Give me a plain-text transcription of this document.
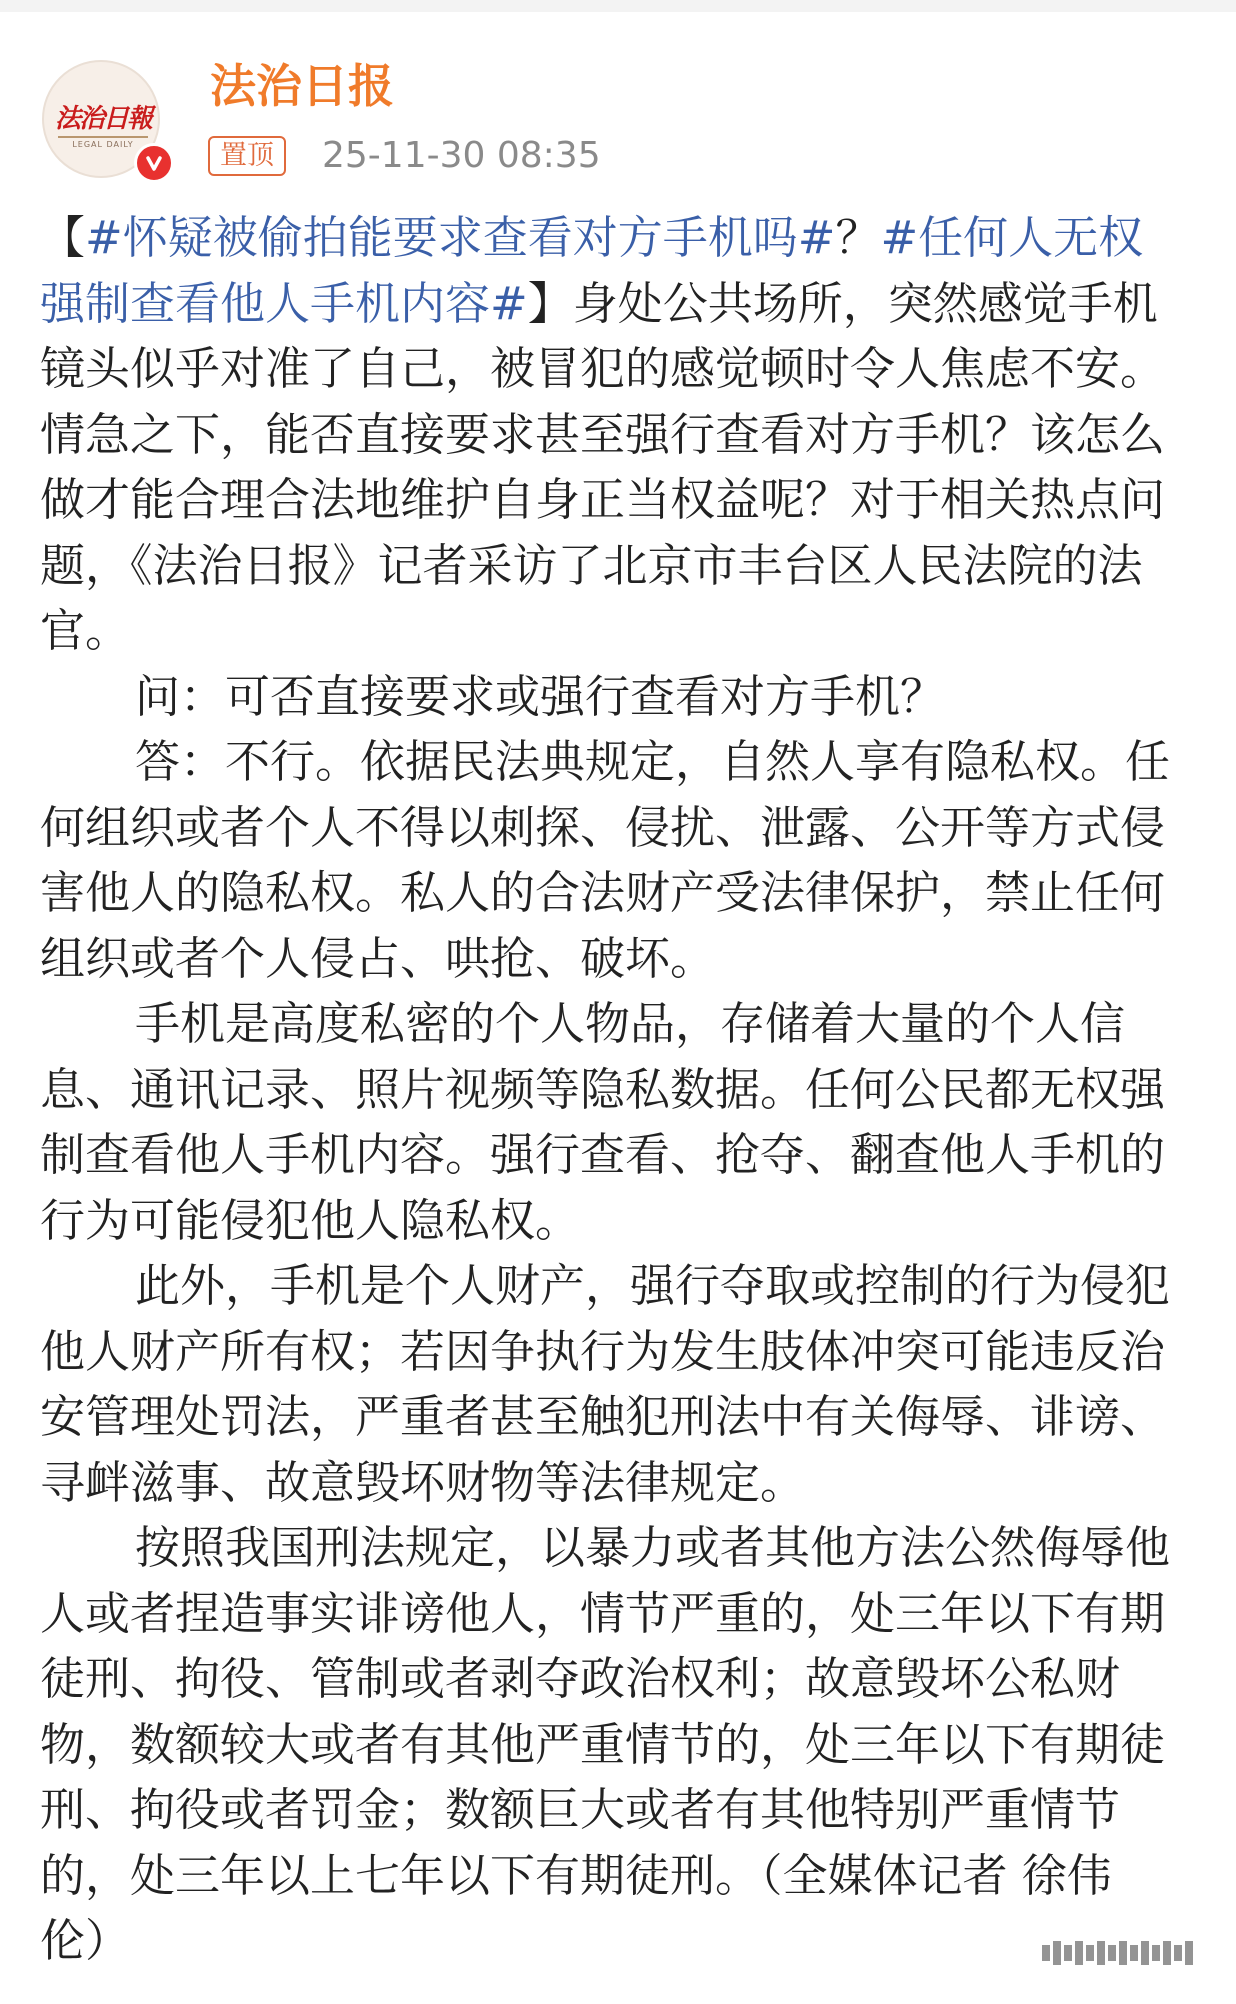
法治日報
LEGAL DAILY
法治日报
置顶	25-11-30 08:35

【#怀疑被偷拍能要求查看对方手机吗#？#任何人无权强制查看他人手机内容#】身处公共场所，突然感觉手机镜头似乎对准了自己，被冒犯的感觉顿时令人焦虑不安。情急之下，能否直接要求甚至强行查看对方手机？该怎么做才能合理合法地维护自身正当权益呢？对于相关热点问题，《法治日报》记者采访了北京市丰台区人民法院的法官。

问：可否直接要求或强行查看对方手机？

答：不行。依据民法典规定，自然人享有隐私权。任何组织或者个人不得以刺探、侵扰、泄露、公开等方式侵害他人的隐私权。私人的合法财产受法律保护，禁止任何组织或者个人侵占、哄抢、破坏。

手机是高度私密的个人物品，存储着大量的个人信息、通讯记录、照片视频等隐私数据。任何公民都无权强制查看他人手机内容。强行查看、抢夺、翻查他人手机的行为可能侵犯他人隐私权。

此外，手机是个人财产，强行夺取或控制的行为侵犯他人财产所有权；若因争执行为发生肢体冲突可能违反治安管理处罚法，严重者甚至触犯刑法中有关侮辱、诽谤、寻衅滋事、故意毁坏财物等法律规定。

按照我国刑法规定，以暴力或者其他方法公然侮辱他人或者捏造事实诽谤他人，情节严重的，处三年以下有期徒刑、拘役、管制或者剥夺政治权利；故意毁坏公私财物，数额较大或者有其他严重情节的，处三年以下有期徒刑、拘役或者罚金；数额巨大或者有其他特别严重情节的，处三年以上七年以下有期徒刑。（全媒体记者 徐伟伦）
